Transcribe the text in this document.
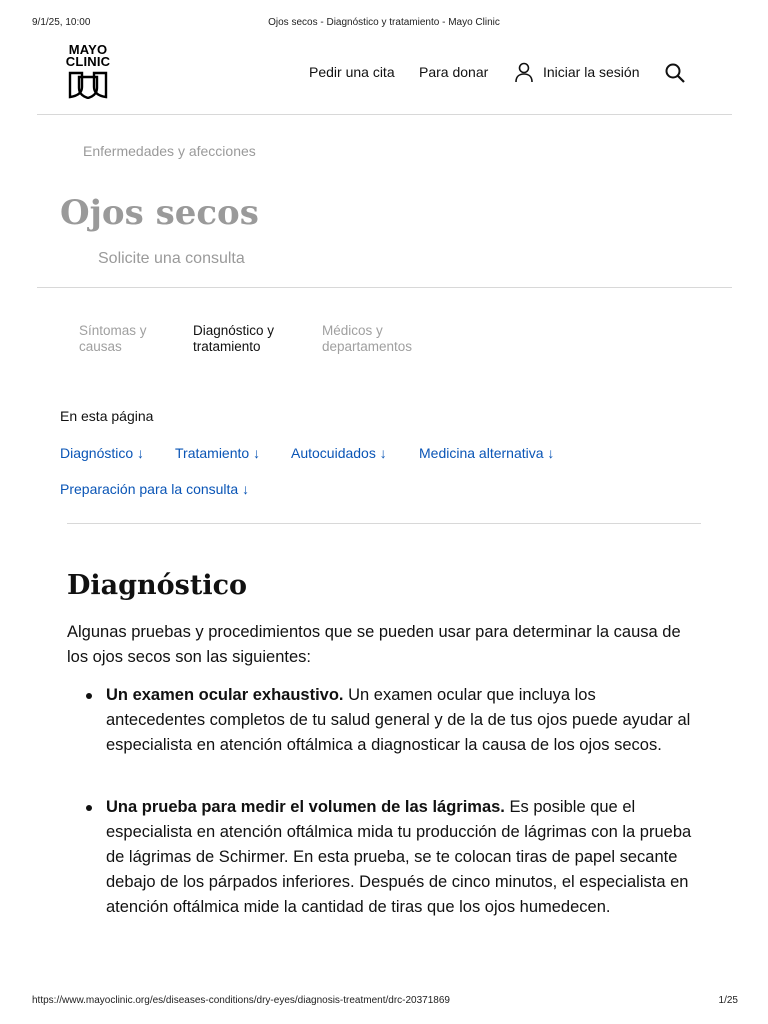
9/1/25, 10:00	Ojos secos - Diagnóstico y tratamiento - Mayo Clinic
MAYO
CLINIC
Pedir una cita Para donar	Iniciar la sesión
Enfermedades y afecciones
Ojos secos
Solicite una consulta
Síntomas y causas
Diagnóstico y tratamiento
Médicos y departamentos
En esta página
Diagnóstico ↓ Tratamiento ↓ Autocuidados ↓ Medicina alternativa ↓
Preparación para la consulta ↓
Diagnóstico
Algunas pruebas y procedimientos que se pueden usar para determinar la causa de los ojos secos son las siguientes:
Un examen ocular exhaustivo. Un examen ocular que incluya los antecedentes completos de tu salud general y de la de tus ojos puede ayudar al especialista en atención oftálmica a diagnosticar la causa de los ojos secos.
Una prueba para medir el volumen de las lágrimas. Es posible que el especialista en atención oftálmica mida tu producción de lágrimas con la prueba de lágrimas de Schirmer. En esta prueba, se te colocan tiras de papel secante debajo de los párpados inferiores. Después de cinco minutos, el especialista en atención oftálmica mide la cantidad de tiras que los ojos humedecen.
https://www.mayoclinic.org/es/diseases-conditions/dry-eyes/diagnosis-treatment/drc-20371869	1/25
